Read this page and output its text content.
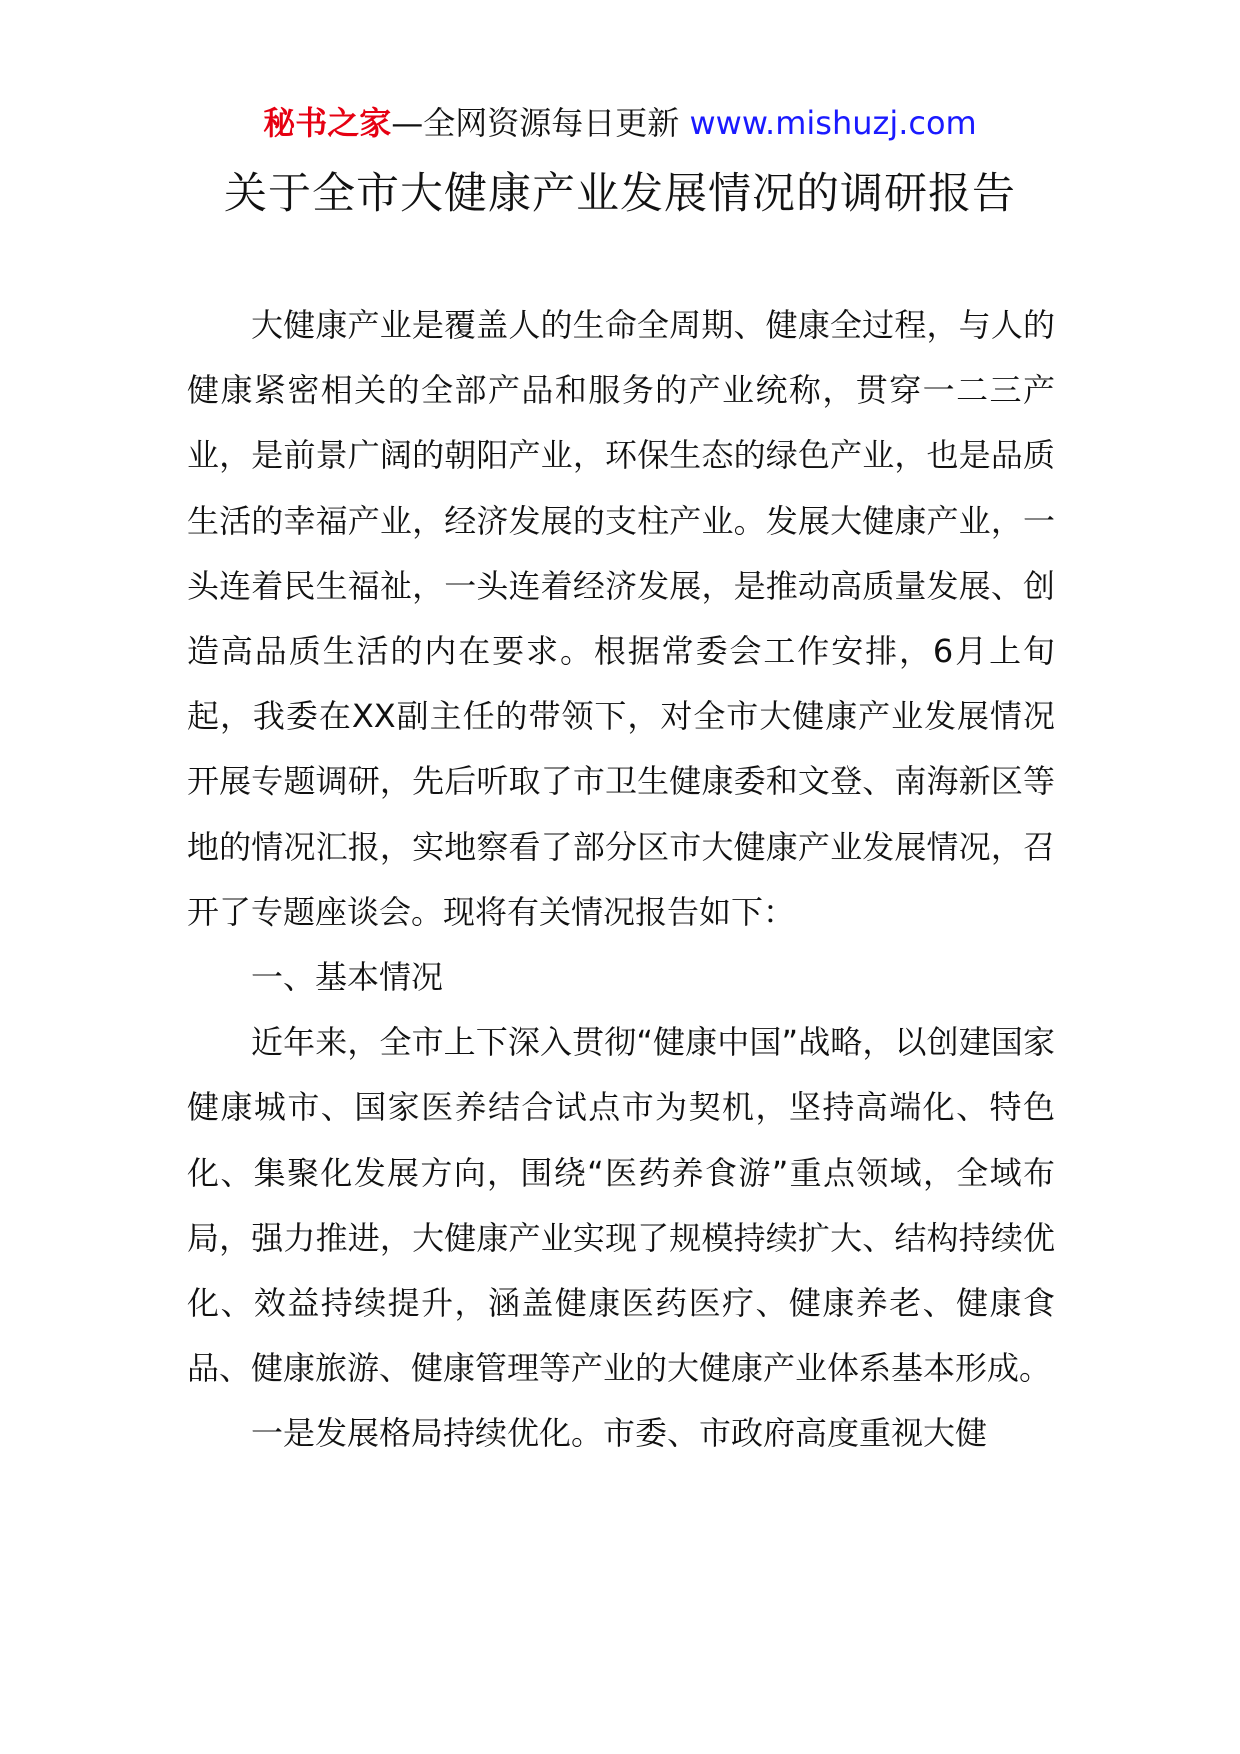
秘书之家—全网资源每日更新 www.mishuzj.com
关于全市大健康产业发展情况的调研报告

大健康产业是覆盖人的生命全周期、健康全过程，与人的健康紧密相关的全部产品和服务的产业统称，贯穿一二三产业，是前景广阔的朝阳产业，环保生态的绿色产业，也是品质生活的幸福产业，经济发展的支柱产业。发展大健康产业，一头连着民生福祉，一头连着经济发展，是推动高质量发展、创造高品质生活的内在要求。根据常委会工作安排，6月上旬起，我委在XX副主任的带领下，对全市大健康产业发展情况开展专题调研，先后听取了市卫生健康委和文登、南海新区等地的情况汇报，实地察看了部分区市大健康产业发展情况，召开了专题座谈会。现将有关情况报告如下：

一、基本情况

近年来，全市上下深入贯彻“健康中国”战略，以创建国家健康城市、国家医养结合试点市为契机，坚持高端化、特色化、集聚化发展方向，围绕“医药养食游”重点领域，全域布局，强力推进，大健康产业实现了规模持续扩大、结构持续优化、效益持续提升，涵盖健康医药医疗、健康养老、健康食品、健康旅游、健康管理等产业的大健康产业体系基本形成。

一是发展格局持续优化。市委、市政府高度重视大健
